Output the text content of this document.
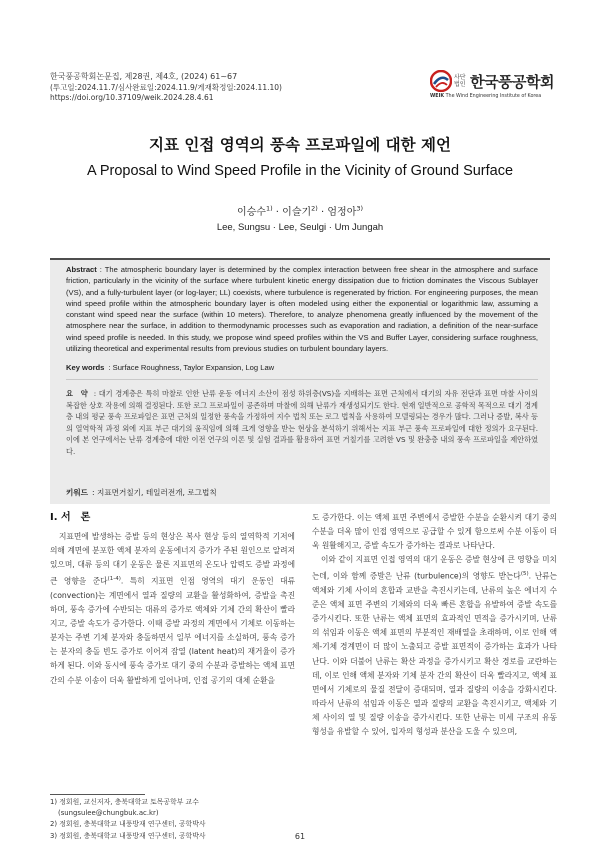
한국풍공학회논문집, 제28권, 제4호, (2024) 61~67
(투고일:2024.11.7/심사완료일:2024.11.9/게재확정일:2024.11.10)
https://doi.org/10.37109/weik.2024.28.4.61
사단
법인 한국풍공학회
WEIK The Wind Engineering Institute of Korea
지표 인접 영역의 풍속 프로파일에 대한 제언
A Proposal to Wind Speed Profile in the Vicinity of Ground Surface
이승수$^{1)}$ · 이슬기$^{2)}$ · 엄정아$^{3)}$
Lee, Sungsu · Lee, Seulgi · Um Jungah
Abstract : The atmospheric boundary layer is determined by the complex interaction between free shear in the atmosphere and surface friction, particularly in the vicinity of the surface where turbulent kinetic energy dissipation due to friction dominates the Viscous Sublayer (VS), and a fully-turbulent layer (or log-layer; LL) coexists, where turbulence is regenerated by friction. For engineering purposes, the mean wind speed profile within the atmospheric boundary layer is often modeled using either the exponential or logarithmic law, assuming a constant wind speed near the surface (within 10 meters). Therefore, to analyze phenomena greatly influenced by the movement of the atmosphere near the surface, in addition to thermodynamic processes such as evaporation and radiation, a definition of the near-surface wind speed profile is needed. In this study, we propose wind speed profiles within the VS and Buffer Layer, considering surface roughness, utilizing theoretical and experimental results from previous studies on turbulent boundary layers.
Key words : Surface Roughness, Taylor Expansion, Log Law
요　약 : 대기 경계층은 특히 마찰로 인한 난류 운동 에너지 소산이 점성 하위층(VS)을 지배하는 표면 근처에서 대기의 자유 전단과 표면 마찰 사이의 복잡한 상호 작용에 의해 결정된다. 또한 로그 프로파일이 공존하며 마찰에 의해 난류가 재생성되기도 한다. 현재 일반적으로 공학적 목적으로 대기 경계층 내의 평균 풍속 프로파일은 표면 근처의 일정한 풍속을 가정하여 지수 법칙 또는 로그 법칙을 사용하여 모델링되는 경우가 많다. 그러나 증발, 복사 등의 열역학적 과정 외에 지표 부근 대기의 움직임에 의해 크게 영향을 받는 현상을 분석하기 위해서는 지표 부근 풍속 프로파일에 대한 정의가 요구된다. 이에 본 연구에서는 난류 경계층에 대한 이전 연구의 이론 및 실험 결과를 활용하여 표면 거칠기를 고려한 VS 및 완충층 내의 풍속 프로파일을 제안하였다.
키워드 : 지표면거칠기, 테일러전개, 로그법칙
I. 서　론

지표면에 발생하는 증발 등의 현상은 복사 현상 등의 열역학적 기저에 의해 계면에 분포한 액체 분자의 운동에너지 증가가 주된 원인으로 알려져 있으며, 대류 등의 대기 운동은 물론 지표면의 온도나 압력도 증발 과정에 큰 영향을 준다$^{(1-4)}$. 특히 지표면 인접 영역의 대기 운동인 대류 (convection)는 계면에서 열과 질량의 교환을 활성화하여, 증발을 촉진하며, 풍속 증가에 수반되는 대류의 증가로 액체와 기체 간의 확산이 빨라지고, 증발 속도가 증가한다. 이때 증발 과정의 계면에서 기체로 이동하는 분자는 주변 기체 분자와 충돌하면서 일부 에너지를 소실하며, 풍속 증가는 분자의 충돌 빈도 증가로 이어져 잠열 (latent heat)의 재거율이 증가하게 된다. 이와 동시에 풍속 증가로 대기 중의 수분과 증발하는 액체 표면 간의 수분 이송이 더욱 활발하게 일어나며, 인접 공기의 대체 순환을

도 증가한다. 이는 액체 표면 주변에서 증발한 수분을 순환시켜 대기 중의 수분을 더욱 많이 인접 영역으로 공급할 수 있게 함으로써 수분 이동이 더욱 원활해지고, 증발 속도가 증가하는 결과로 나타난다.

이와 같이 지표면 인접 영역의 대기 운동은 증발 현상에 큰 영향을 미치는데, 이와 함께 증발은 난류 (turbulence)의 영향도 받는다$^{(5)}$. 난류는 액체와 기체 사이의 혼합과 교반을 촉진시키는데, 난류의 높은 에너지 수준은 액체 표면 주변의 기체와의 더욱 빠른 혼합을 유발하여 증발 속도를 증가시킨다. 또한 난류는 액체 표면의 효과적인 면적을 증가시키며, 난류의 섞임과 이동은 액체 표면의 부분적인 재배열을 초래하며, 이로 인해 액체-기체 경계면이 더 많이 노출되고 증발 표면적이 증가하는 효과가 나타난다. 이와 더불어 난류는 확산 과정을 증가시키고 확산 경로를 교란하는데, 이로 인해 액체 분자와 기체 분자 간의 확산이 더욱 빨라지고, 액체 표면에서 기체로의 물질 전달이 증대되며, 열과 질량의 이송을 강화시킨다. 따라서 난류의 섞임과 이동은 열과 질량의 교환을 촉진시키고, 액체와 기체 사이의 열 및 질량 이송을 증가시킨다. 또한 난류는 미세 구조의 유동 형성을 유발할 수 있어, 입자의 형성과 분산을 도울 수 있으며,

1) 정회원, 교신저자, 충북대학교 토목공학부 교수
(sungsulee@chungbuk.ac.kr)
2) 정회원, 충북대학교 내풍방재 연구센터, 공학박사
3) 정회원, 충북대학교 내풍방재 연구센터, 공학박사	61
